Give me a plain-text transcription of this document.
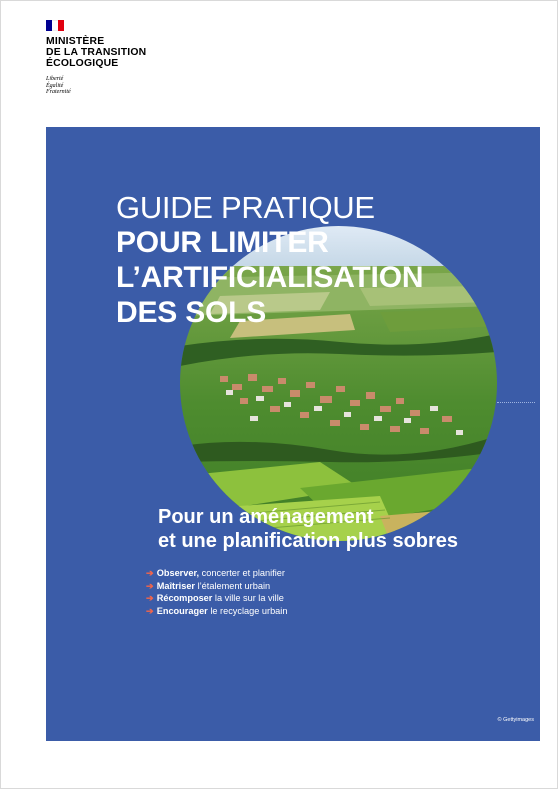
MINISTÈRE
DE LA TRANSITION
ÉCOLOGIQUE
Liberté
Égalité
Fraternité
GUIDE PRATIQUE
POUR LIMITER
L’ARTIFICIALISATION
DES SOLS
Pour un aménagement
et une planification plus sobres
➔ Observer, concerter et planifier
➔ Maîtriser l’étalement urbain
➔ Récomposer la ville sur la ville
➔ Encourager le recyclage urbain
© Gettyimages
